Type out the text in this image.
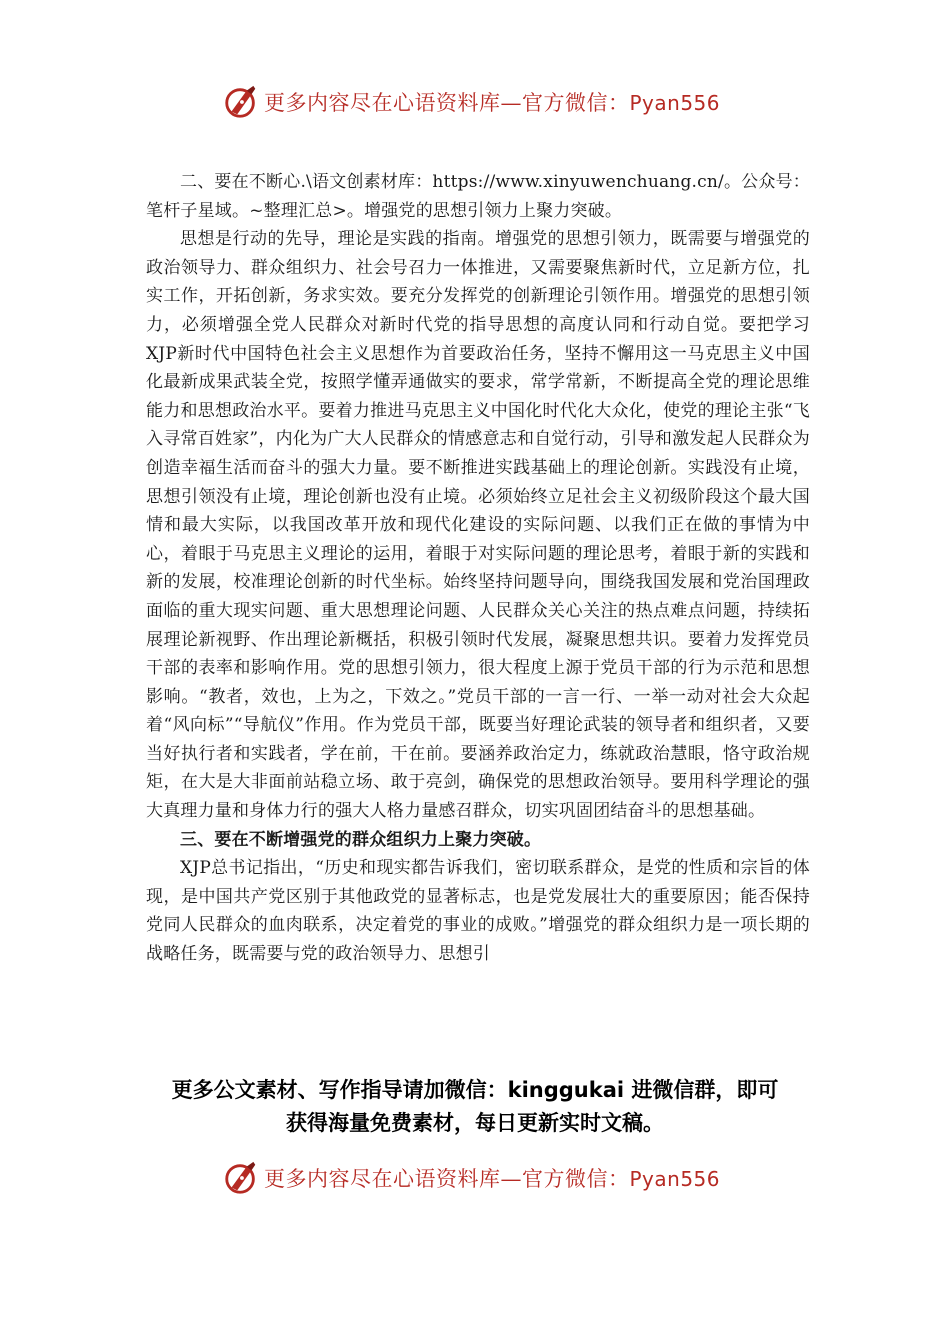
更多内容尽在心语资料库—官方微信：Pyan556

二、要在不断心.\语文创素材库：https://www.xinyuwenchuang.cn/。公众号：笔杆子星域。~整理汇总>。增强党的思想引领力上聚力突破。

思想是行动的先导，理论是实践的指南。增强党的思想引领力，既需要与增强党的政治领导力、群众组织力、社会号召力一体推进，又需要聚焦新时代，立足新方位，扎实工作，开拓创新，务求实效。要充分发挥党的创新理论引领作用。增强党的思想引领力，必须增强全党人民群众对新时代党的指导思想的高度认同和行动自觉。要把学习XJP新时代中国特色社会主义思想作为首要政治任务，坚持不懈用这一马克思主义中国化最新成果武装全党，按照学懂弄通做实的要求，常学常新，不断提高全党的理论思维能力和思想政治水平。要着力推进马克思主义中国化时代化大众化，使党的理论主张“飞入寻常百姓家”，内化为广大人民群众的情感意志和自觉行动，引导和激发起人民群众为创造幸福生活而奋斗的强大力量。要不断推进实践基础上的理论创新。实践没有止境，思想引领没有止境，理论创新也没有止境。必须始终立足社会主义初级阶段这个最大国情和最大实际，以我国改革开放和现代化建设的实际问题、以我们正在做的事情为中心，着眼于马克思主义理论的运用，着眼于对实际问题的理论思考，着眼于新的实践和新的发展，校准理论创新的时代坐标。始终坚持问题导向，围绕我国发展和党治国理政面临的重大现实问题、重大思想理论问题、人民群众关心关注的热点难点问题，持续拓展理论新视野、作出理论新概括，积极引领时代发展，凝聚思想共识。要着力发挥党员干部的表率和影响作用。党的思想引领力，很大程度上源于党员干部的行为示范和思想影响。“教者，效也，上为之，下效之。”党员干部的一言一行、一举一动对社会大众起着“风向标”“导航仪”作用。作为党员干部，既要当好理论武装的领导者和组织者，又要当好执行者和实践者，学在前，干在前。要涵养政治定力，练就政治慧眼，恪守政治规矩，在大是大非面前站稳立场、敢于亮剑，确保党的思想政治领导。要用科学理论的强大真理力量和身体力行的强大人格力量感召群众，切实巩固团结奋斗的思想基础。

三、要在不断增强党的群众组织力上聚力突破。

XJP总书记指出，“历史和现实都告诉我们，密切联系群众，是党的性质和宗旨的体现，是中国共产党区别于其他政党的显著标志，也是党发展壮大的重要原因；能否保持党同人民群众的血肉联系，决定着党的事业的成败。”增强党的群众组织力是一项长期的战略任务，既需要与党的政治领导力、思想引

更多公文素材、写作指导请加微信：kinggukai 进微信群，即可
获得海量免费素材，每日更新实时文稿。
更多内容尽在心语资料库—官方微信：Pyan556
